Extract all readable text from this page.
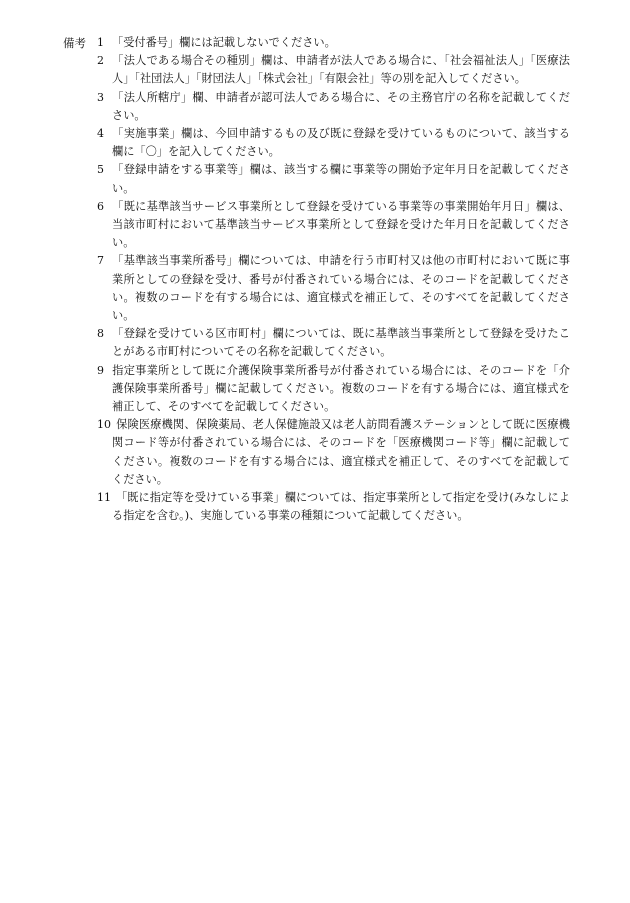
備考 1 「受付番号」欄には記載しないでください。
2 「法人である場合その種別」欄は、申請者が法人である場合に、「社会福祉法人」「医療法人」「社団法人」「財団法人」「株式会社」「有限会社」等の別を記入してください。
3 「法人所轄庁」欄、申請者が認可法人である場合に、その主務官庁の名称を記載してください。
4 「実施事業」欄は、今回申請するもの及び既に登録を受けているものについて、該当する欄に「〇」を記入してください。
5 「登録申請をする事業等」欄は、該当する欄に事業等の開始予定年月日を記載してください。
6 「既に基準該当サービス事業所として登録を受けている事業等の事業開始年月日」欄は、当該市町村において基準該当サービス事業所として登録を受けた年月日を記載してください。
7 「基準該当事業所番号」欄については、申請を行う市町村又は他の市町村において既に事業所としての登録を受け、番号が付番されている場合には、そのコードを記載してください。複数のコードを有する場合には、適宜様式を補正して、そのすべてを記載してください。
8 「登録を受けている区市町村」欄については、既に基準該当事業所として登録を受けたことがある市町村についてその名称を記載してください。
9 指定事業所として既に介護保険事業所番号が付番されている場合には、そのコードを「介護保険事業所番号」欄に記載してください。複数のコードを有する場合には、適宜様式を補正して、そのすべてを記載してください。
10 保険医療機関、保険薬局、老人保健施設又は老人訪問看護ステーションとして既に医療機関コード等が付番されている場合には、そのコードを「医療機関コード等」欄に記載してください。複数のコードを有する場合には、適宜様式を補正して、そのすべてを記載してください。
11 「既に指定等を受けている事業」欄については、指定事業所として指定を受け(みなしによる指定を含む。)、実施している事業の種類について記載してください。
